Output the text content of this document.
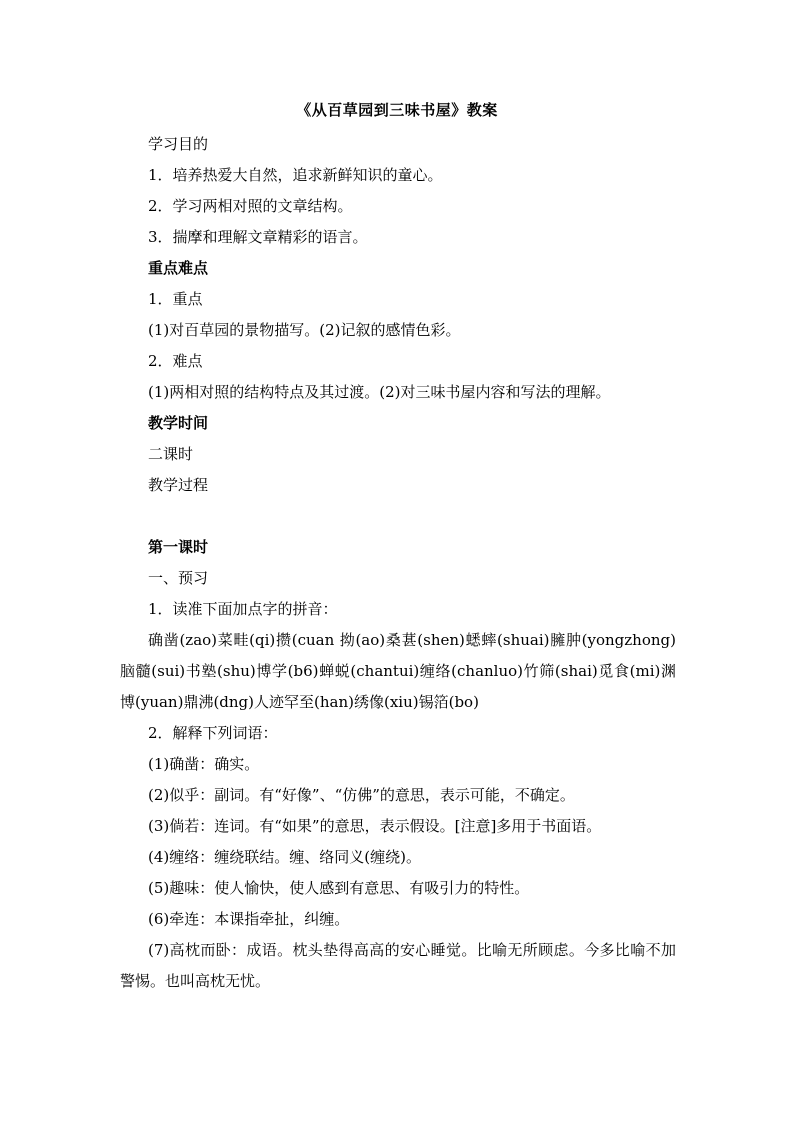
《从百草园到三味书屋》教案
学习目的
1．培养热爱大自然，追求新鲜知识的童心。
2．学习两相对照的文章结构。
3．揣摩和理解文章精彩的语言。
重点难点
1．重点
(1)对百草园的景物描写。(2)记叙的感情色彩。
2．难点
(1)两相对照的结构特点及其过渡。(2)对三味书屋内容和写法的理解。
教学时间
二课时
教学过程
第一课时
一、预习
1．读准下面加点字的拼音：
确凿(zao)菜畦(qi)攒(cuan 拗(ao)桑葚(shen)蟋蟀(shuai)臃肿(yongzhong)脑髓(sui)书塾(shu)博学(b6)蝉蜕(chantui)缠络(chanluo)竹筛(shai)觅食(mi)渊博(yuan)鼎沸(dng)人迹罕至(han)绣像(xiu)锡箔(bo)
2．解释下列词语：
(1)确凿：确实。
(2)似乎：副词。有“好像”、“仿佛”的意思，表示可能，不确定。
(3)倘若：连词。有“如果”的意思，表示假设。[注意]多用于书面语。
(4)缠络：缠绕联结。缠、络同义(缠绕)。
(5)趣味：使人愉快，使人感到有意思、有吸引力的特性。
(6)牵连：本课指牵扯，纠缠。
(7)高枕而卧：成语。枕头垫得高高的安心睡觉。比喻无所顾虑。今多比喻不加警惕。也叫高枕无忧。
